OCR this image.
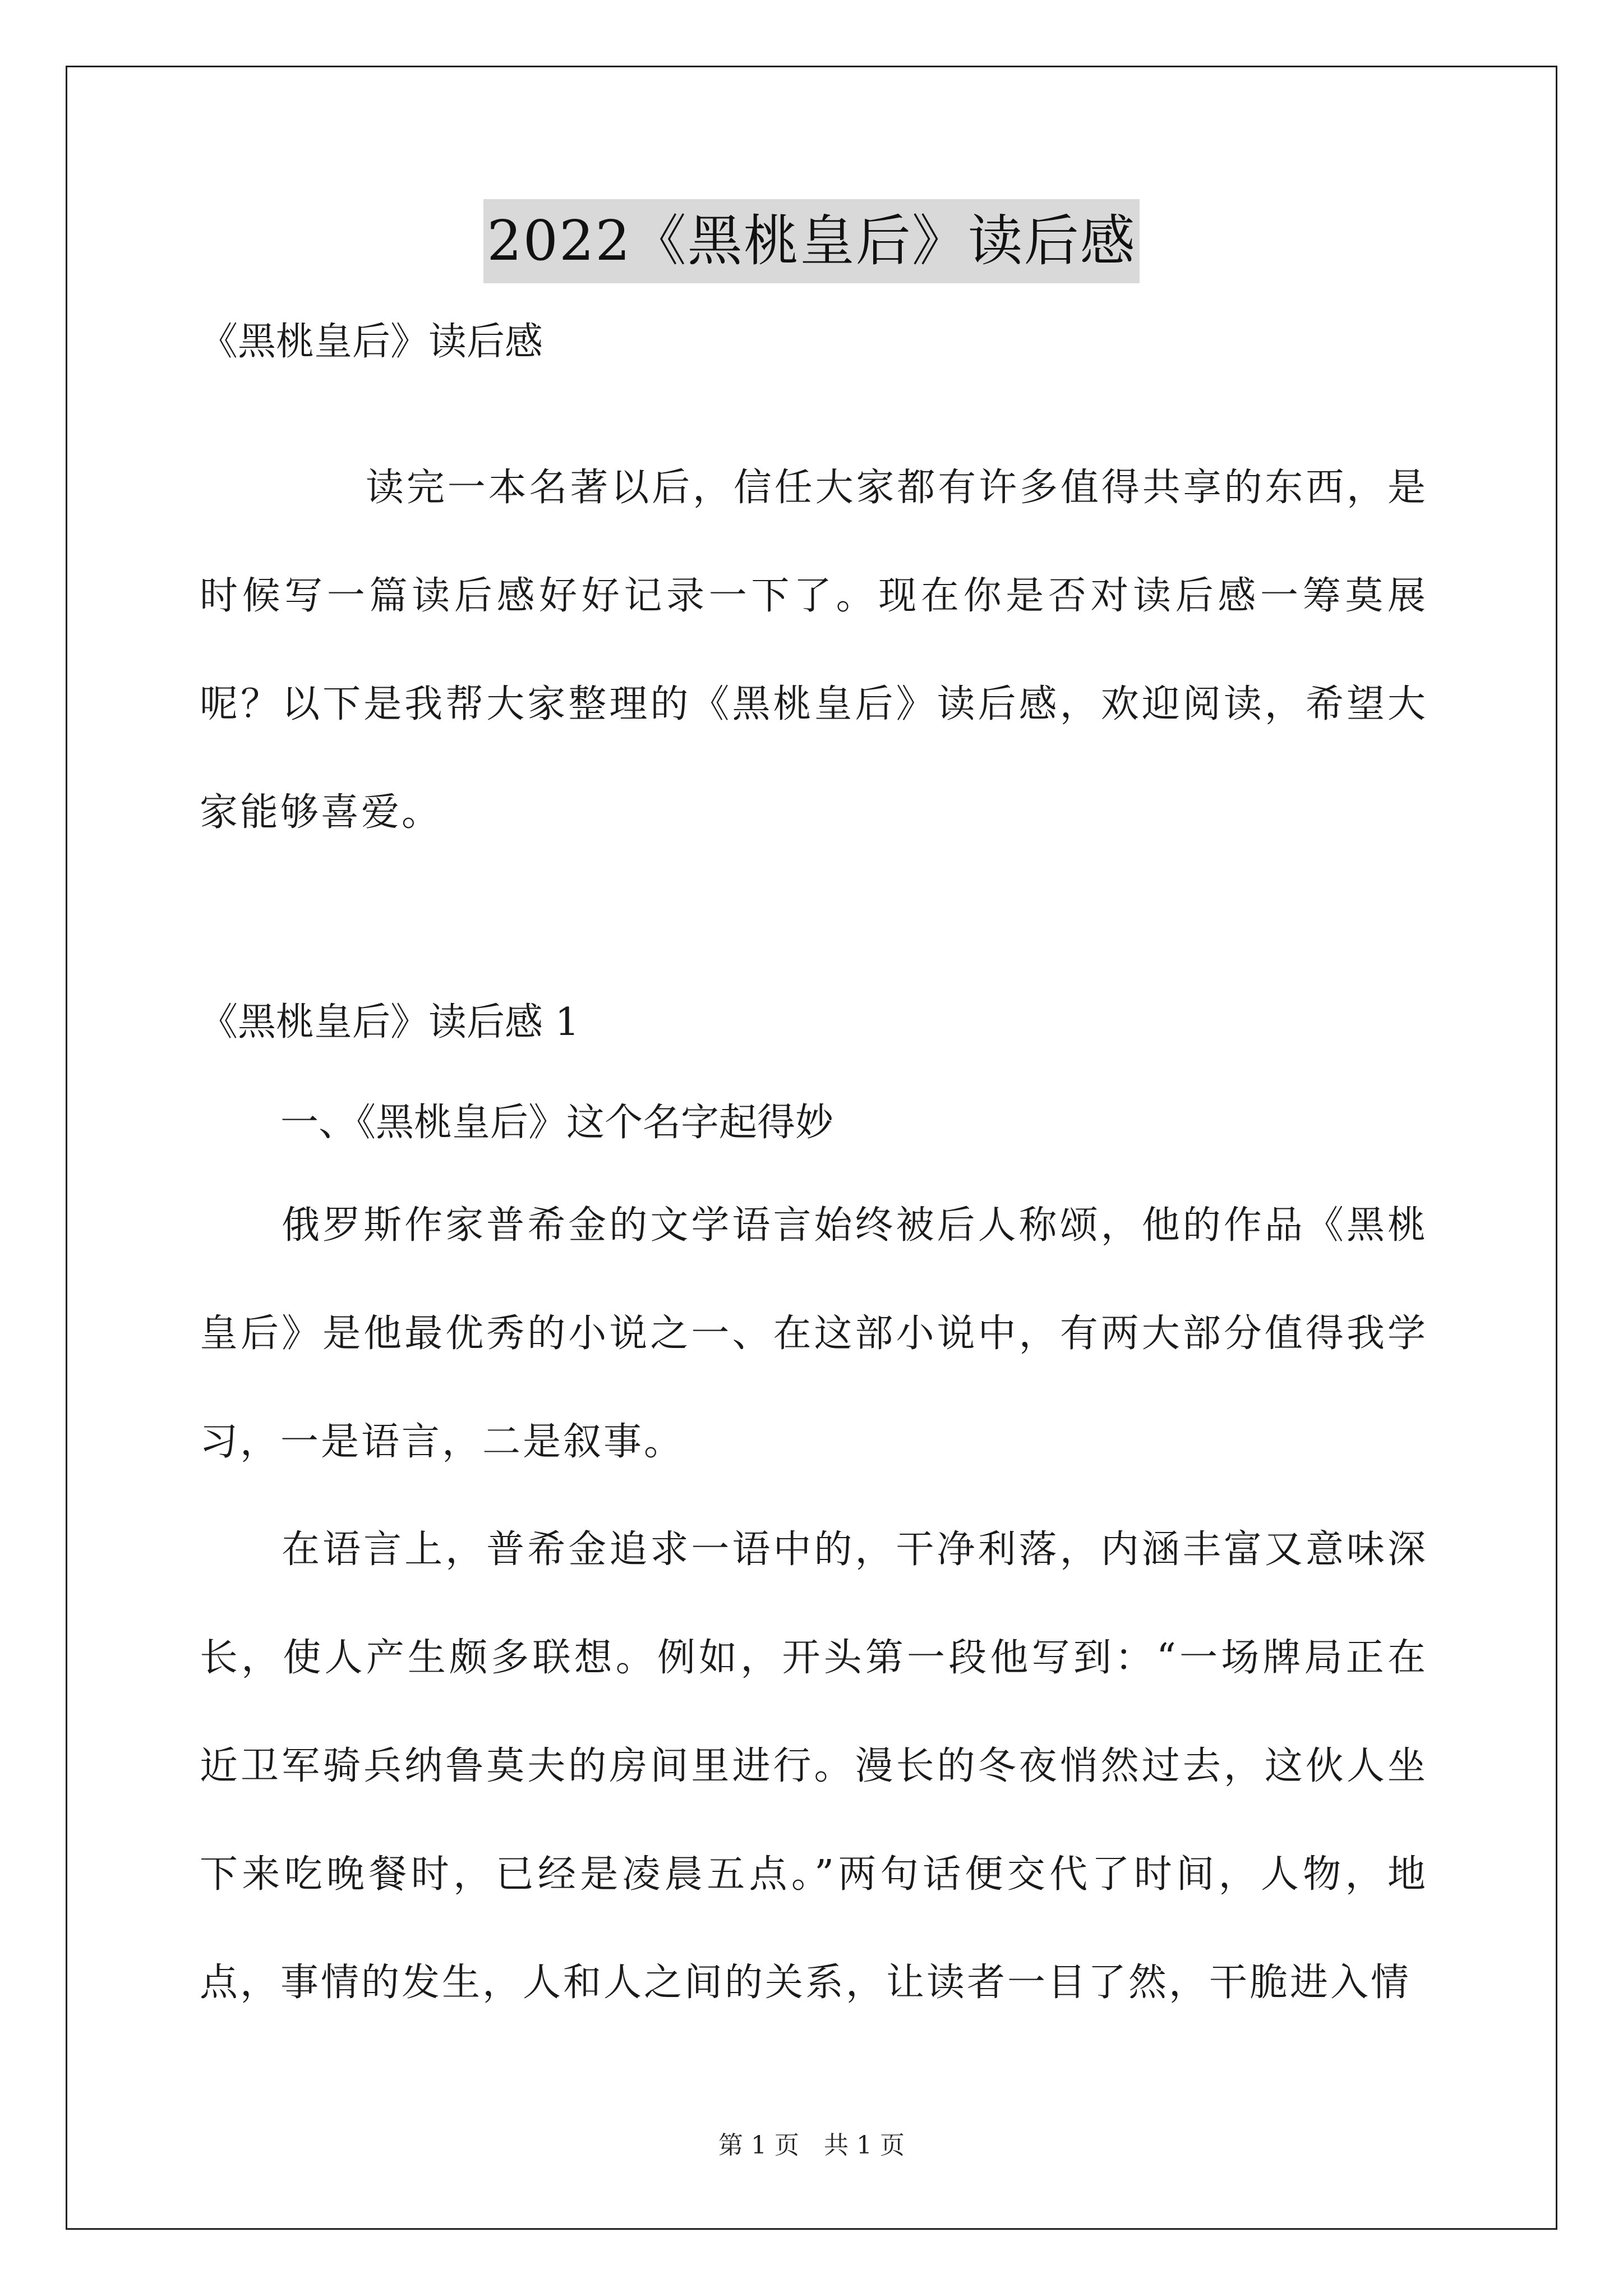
2022《黑桃皇后》读后感
《黑桃皇后》读后感
读完一本名著以后，信任大家都有许多值得共享的东西，是时候写一篇读后感好好记录一下了。现在你是否对读后感一筹莫展呢？以下是我帮大家整理的《黑桃皇后》读后感，欢迎阅读，希望大家能够喜爱。
《黑桃皇后》读后感 1
一、《黑桃皇后》这个名字起得妙
俄罗斯作家普希金的文学语言始终被后人称颂，他的作品《黑桃皇后》是他最优秀的小说之一、在这部小说中，有两大部分值得我学习，一是语言，二是叙事。
在语言上，普希金追求一语中的，干净利落，内涵丰富又意味深长，使人产生颇多联想。例如，开头第一段他写到：“一场牌局正在近卫军骑兵纳鲁莫夫的房间里进行。漫长的冬夜悄然过去，这伙人坐下来吃晚餐时，已经是凌晨五点。”两句话便交代了时间，人物，地点，事情的发生，人和人之间的关系，让读者一目了然，干脆进入情
第 1 页　共 1 页
